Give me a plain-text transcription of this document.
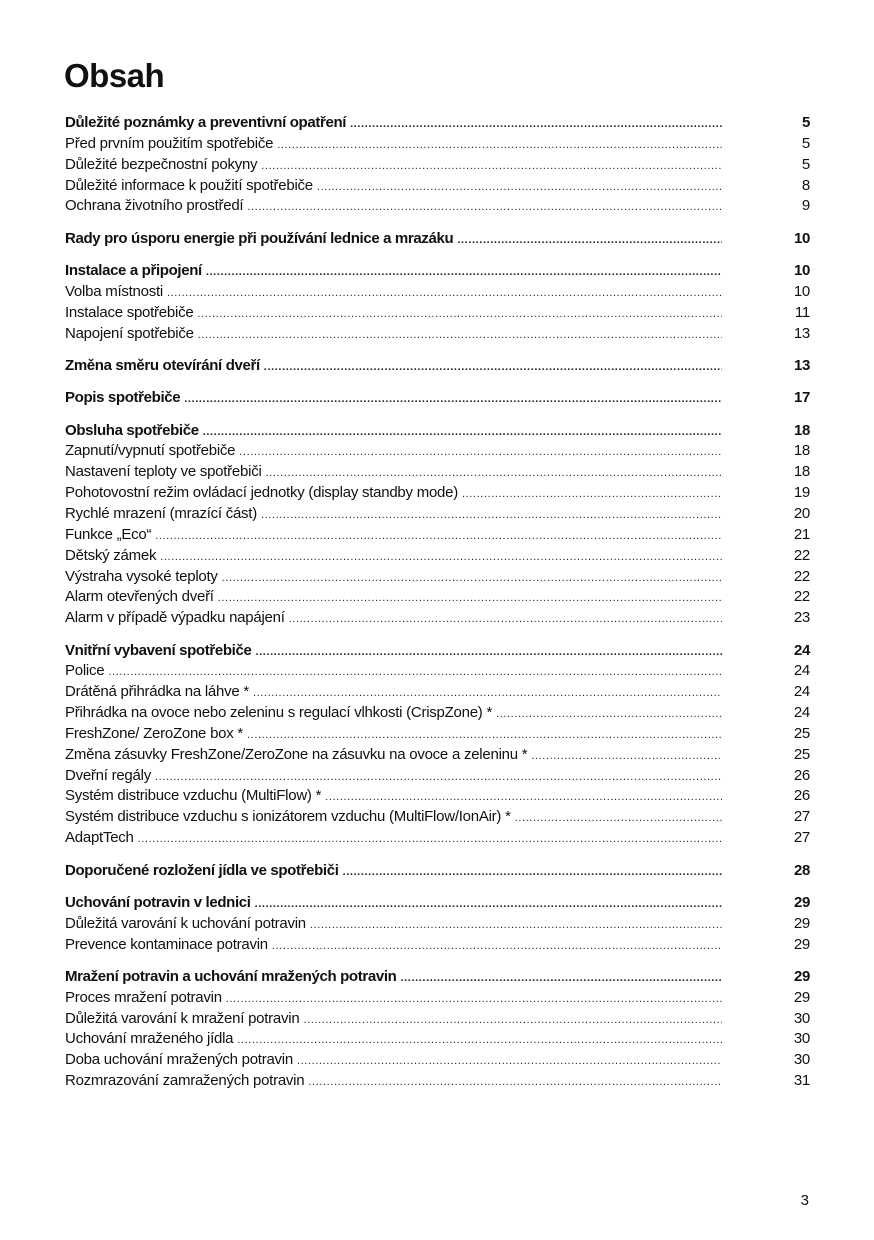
Obsah
Důležité poznámky a preventivní opatření .....	5
Před prvním použitím spotřebiče .....	5
Důležité bezpečnostní pokyny .....	5
Důležité informace k použití spotřebiče .....	8
Ochrana životního prostředí .....	9
Rady pro úsporu energie při používání lednice a mrazáku .....	10
Instalace a připojení .....	10
Volba místnosti .....	10
Instalace spotřebiče .....	11
Napojení spotřebiče .....	13
Změna směru otevírání dveří .....	13
Popis spotřebiče .....	17
Obsluha spotřebiče .....	18
Zapnutí/vypnutí spotřebiče .....	18
Nastavení teploty ve spotřebiči .....	18
Pohotovostní režim ovládací jednotky (display standby mode) .....	19
Rychlé mrazení (mrazící část) .....	20
Funkce „Eco“ .....	21
Dětský zámek .....	22
Výstraha vysoké teploty .....	22
Alarm otevřených dveří .....	22
Alarm v případě výpadku napájení .....	23
Vnitřní vybavení spotřebiče .....	24
Police .....	24
Drátěná přihrádka na láhve * .....	24
Přihrádka na ovoce nebo zeleninu s regulací vlhkosti (CrispZone) * .....	24
FreshZone/ ZeroZone box * .....	25
Změna zásuvky FreshZone/ZeroZone na zásuvku na ovoce a zeleninu * .....	25
Dveřní regály .....	26
Systém distribuce vzduchu (MultiFlow) * .....	26
Systém distribuce vzduchu s ionizátorem vzduchu (MultiFlow/IonAir) * .....	27
AdaptTech .....	27
Doporučené rozložení jídla ve spotřebiči .....	28
Uchování potravin v lednici .....	29
Důležitá varování k uchování potravin .....	29
Prevence kontaminace potravin .....	29
Mražení potravin a uchování mražených potravin .....	29
Proces mražení potravin .....	29
Důležitá varování k mražení potravin .....	30
Uchování mraženého jídla .....	30
Doba uchování mražených potravin .....	30
Rozmrazování zamražených potravin .....	31
3
